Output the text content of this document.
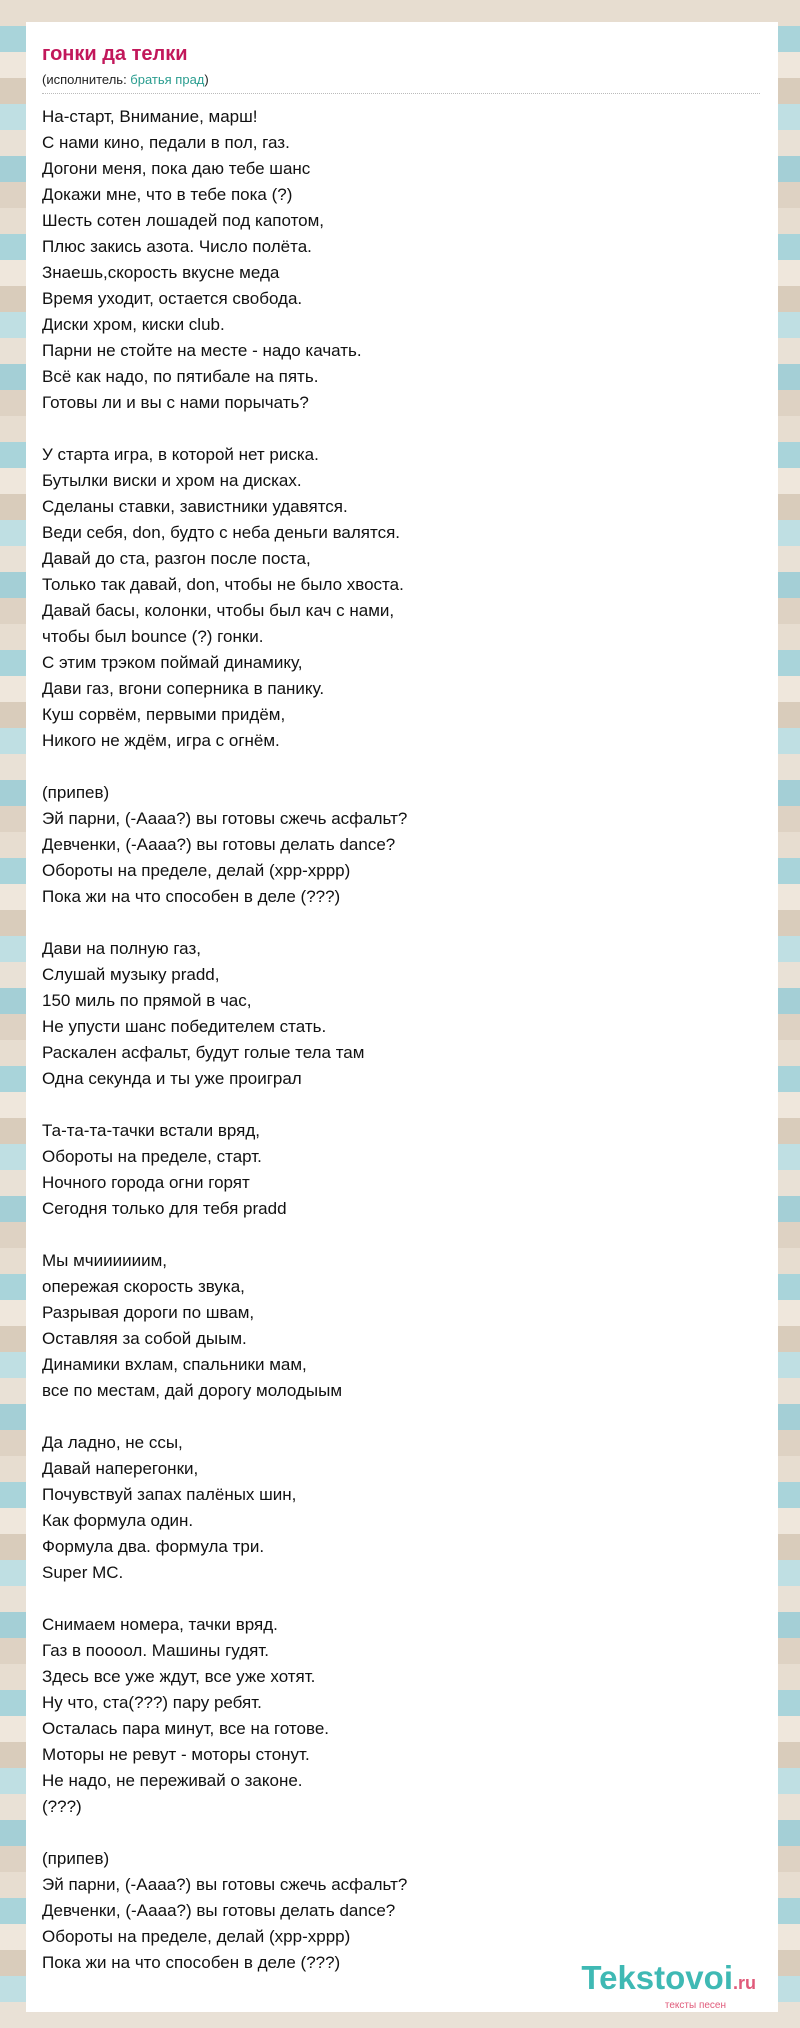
гонки да телки
(исполнитель: братья прад)
На-старт, Внимание, марш!
С нами кино, педали в пол, газ.
Догони меня, пока даю тебе шанс
Докажи мне, что в тебе пока (?)
Шесть сотен лошадей под капотом,
Плюс закись азота. Число полёта.
Знаешь,скорость вкусне меда
Время уходит, остается свобода.
Диски хром, киски club.
Парни не стойте на месте - надо качать.
Всё как надо, по пятибале на пять.
Готовы ли и вы с нами порычать?
У старта игра, в которой нет риска.
Бутылки виски и хром на дисках.
Сделаны ставки, завистники удавятся.
Веди себя, don, будто с неба деньги валятся.
Давай до ста, разгон после поста,
Только так давай, don, чтобы не было хвоста.
Давай басы, колонки, чтобы был кач с нами,
чтобы был bounce (?) гонки.
С этим трэком поймай динамику,
Дави газ, вгони соперника в панику.
Куш сорвём, первыми придём,
Никого не ждём, игра с огнём.
(припев)
Эй парни, (-Аааа?) вы готовы сжечь асфальт?
Девченки, (-Аааа?) вы готовы делать dance?
Обороты на пределе, делай (хрр-хррр)
Пока жи на что способен в деле (???)
Дави на полную газ,
Слушай музыку pradd,
150 миль по прямой в час,
Не упусти шанс победителем стать.
Раскален асфальт, будут голые тела там
Одна секунда и ты уже проиграл
Та-та-та-тачки встали вряд,
Обороты на пределе, старт.
Ночного города огни горят
Сегодня только для тебя pradd
Мы мчиииииим,
опережая скорость звука,
Разрывая дороги по швам,
Оставляя за собой дыым.
Динамики вхлам, спальники мам,
все по местам, дай дорогу молодыым
Да ладно, не ссы,
Давай наперегонки,
Почувствуй запах палёных шин,
Как формула один.
Формула два. формула три.
Super MC.
Снимаем номера, тачки вряд.
Газ в поооол. Машины гудят.
Здесь все уже ждут, все уже хотят.
Ну что, ста(???) пару ребят.
Осталась пара минут, все на готове.
Моторы не ревут - моторы стонут.
Не надо, не переживай о законе.
(???)
(припев)
Эй парни, (-Аааа?) вы готовы сжечь асфальт?
Девченки, (-Аааа?) вы готовы делать dance?
Обороты на пределе, делай (хрр-хррр)
Пока жи на что способен в деле (???)	Tekstovoi.ru
тексты песен
